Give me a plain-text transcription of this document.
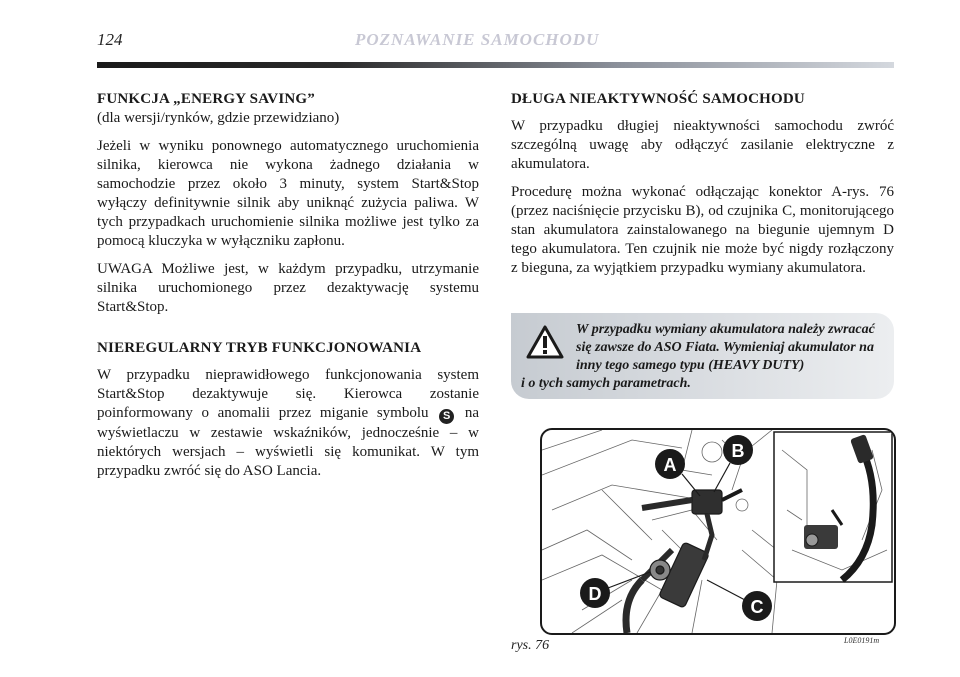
124	POZNAWANIE SAMOCHODU
FUNKCJA „ENERGY SAVING”
(dla wersji/rynków, gdzie przewidziano)

Jeżeli w wyniku ponownego automatycznego uruchomienia silnika, kierowca nie wykona żadnego działania w samochodzie przez około 3 minuty, system Start&Stop wyłączy definitywnie silnik aby uniknąć zużycia paliwa. W tych przypadkach uruchomienie silnika możliwe jest tylko za pomocą kluczyka w wyłączniku zapłonu.

UWAGA Możliwe jest, w każdym przypadku, utrzymanie silnika uruchomionego przez dezaktywację systemu Start&Stop.

NIEREGULARNY TRYB FUNKCJONOWANIA

W przypadku nieprawidłowego funkcjonowania system Start&Stop dezaktywuje się. Kierowca zostanie poinformowany o anomalii przez miganie symbolu S na wyświetlaczu w zestawie wskaźników, jednocześnie – w niektórych wersjach – wyświetli się komunikat. W tym przypadku zwróć się do ASO Lancia.

DŁUGA NIEAKTYWNOŚĆ SAMOCHODU

W przypadku długiej nieaktywności samochodu zwróć szczególną uwagę aby odłączyć zasilanie elektryczne z akumulatora.

Procedurę można wykonać odłączając konektor A-rys. 76 (przez naciśnięcie przycisku B), od czujnika C, monitorującego stan akumulatora zainstalowanego na biegunie ujemnym D tego akumulatora. Ten czujnik nie może być nigdy rozłączony z bieguna, za wyjątkiem przypadku wymiany akumulatora.

W przypadku wymiany akumulatora należy zwracać się zawsze do ASO Fiata. Wymieniaj akumulator na inny tego samego typu (HEAVY DUTY)
i o tych samych parametrach.
A
B
C
D
rys. 76	L0E0191m
